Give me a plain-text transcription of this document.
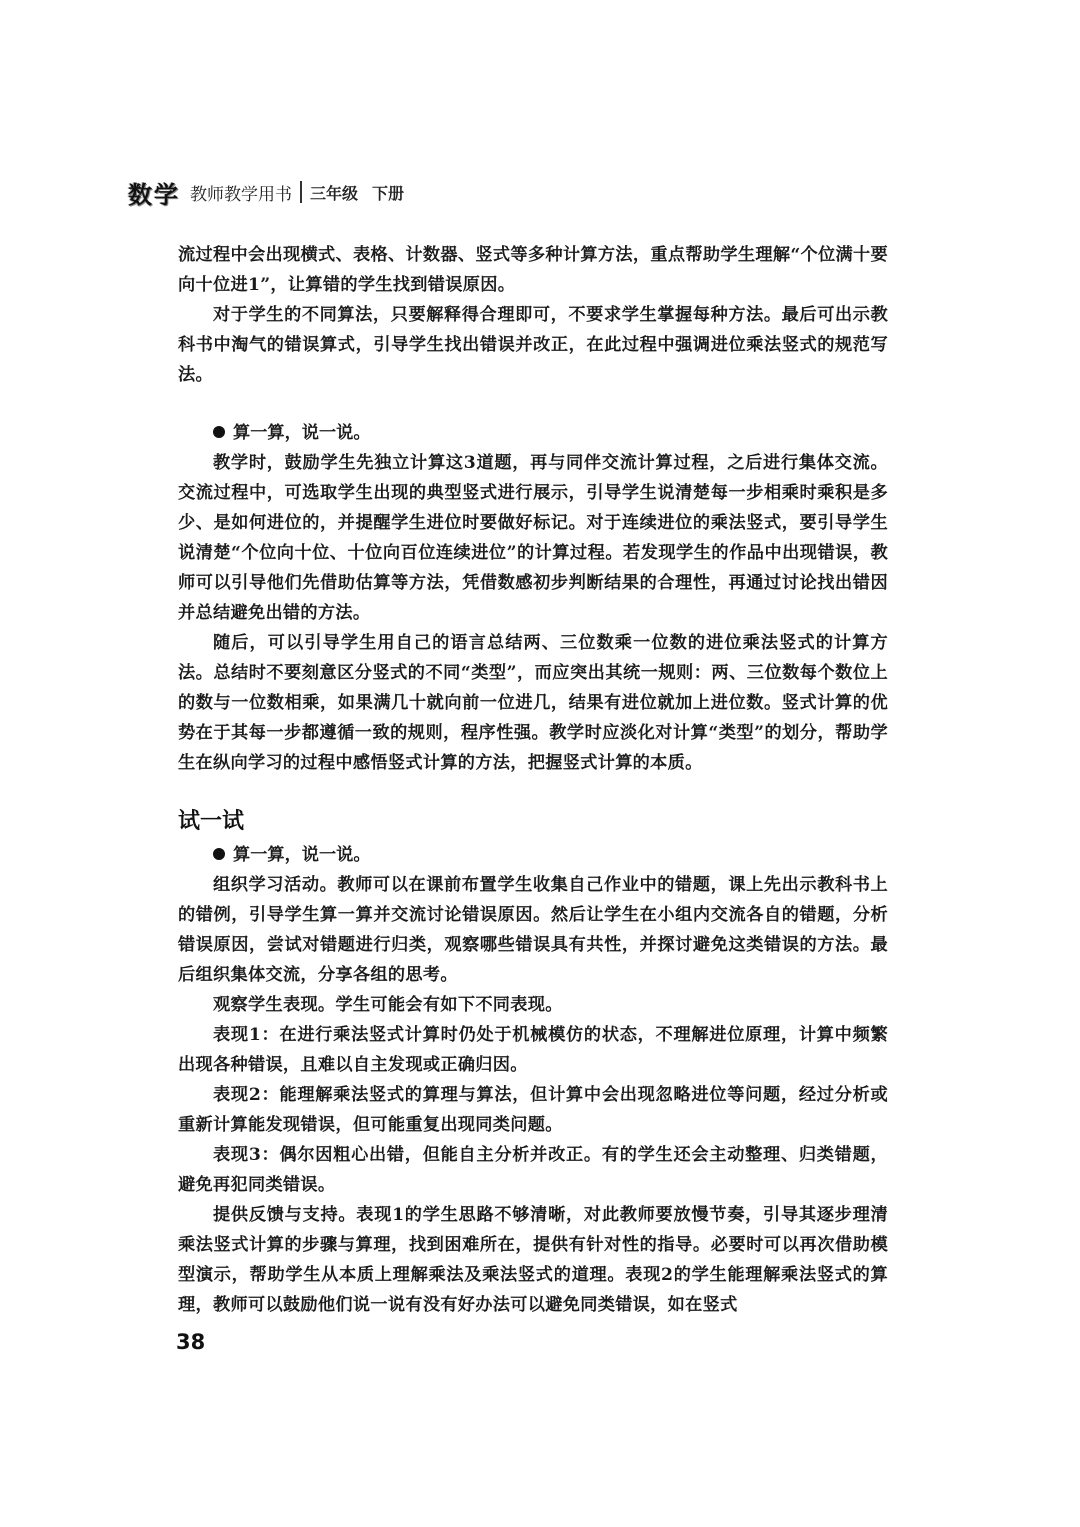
数学 教师教学用书 三年级 下册

流过程中会出现横式、表格、计数器、竖式等多种计算方法，重点帮助学生理解“个位满十要向十位进1”，让算错的学生找到错误原因。

对于学生的不同算法，只要解释得合理即可，不要求学生掌握每种方法。最后可出示教科书中淘气的错误算式，引导学生找出错误并改正，在此过程中强调进位乘法竖式的规范写法。

算一算，说一说。

教学时，鼓励学生先独立计算这3道题，再与同伴交流计算过程，之后进行集体交流。交流过程中，可选取学生出现的典型竖式进行展示，引导学生说清楚每一步相乘时乘积是多少、是如何进位的，并提醒学生进位时要做好标记。对于连续进位的乘法竖式，要引导学生说清楚“个位向十位、十位向百位连续进位”的计算过程。若发现学生的作品中出现错误，教师可以引导他们先借助估算等方法，凭借数感初步判断结果的合理性，再通过讨论找出错因并总结避免出错的方法。

随后，可以引导学生用自己的语言总结两、三位数乘一位数的进位乘法竖式的计算方法。总结时不要刻意区分竖式的不同“类型”，而应突出其统一规则：两、三位数每个数位上的数与一位数相乘，如果满几十就向前一位进几，结果有进位就加上进位数。竖式计算的优势在于其每一步都遵循一致的规则，程序性强。教学时应淡化对计算“类型”的划分，帮助学生在纵向学习的过程中感悟竖式计算的方法，把握竖式计算的本质。

试一试

算一算，说一说。

组织学习活动。教师可以在课前布置学生收集自己作业中的错题，课上先出示教科书上的错例，引导学生算一算并交流讨论错误原因。然后让学生在小组内交流各自的错题，分析错误原因，尝试对错题进行归类，观察哪些错误具有共性，并探讨避免这类错误的方法。最后组织集体交流，分享各组的思考。

观察学生表现。学生可能会有如下不同表现。

表现1：在进行乘法竖式计算时仍处于机械模仿的状态，不理解进位原理，计算中频繁出现各种错误，且难以自主发现或正确归因。

表现2：能理解乘法竖式的算理与算法，但计算中会出现忽略进位等问题，经过分析或重新计算能发现错误，但可能重复出现同类问题。

表现3：偶尔因粗心出错，但能自主分析并改正。有的学生还会主动整理、归类错题，避免再犯同类错误。

提供反馈与支持。表现1的学生思路不够清晰，对此教师要放慢节奏，引导其逐步理清乘法竖式计算的步骤与算理，找到困难所在，提供有针对性的指导。必要时可以再次借助模型演示，帮助学生从本质上理解乘法及乘法竖式的道理。表现2的学生能理解乘法竖式的算理，教师可以鼓励他们说一说有没有好办法可以避免同类错误，如在竖式

38
